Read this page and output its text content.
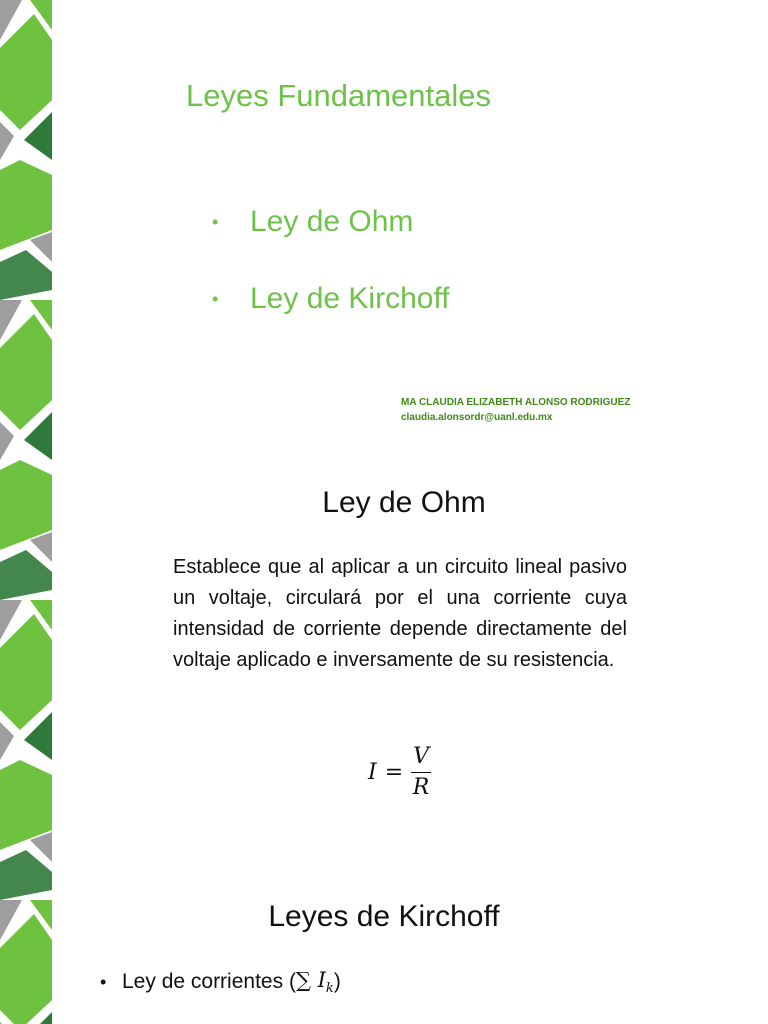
Leyes Fundamentales
•	Ley de Ohm
•	Ley de Kirchoff
MA CLAUDIA ELIZABETH ALONSO RODRIGUEZ
claudia.alonsordr@uanl.edu.mx
Ley de Ohm

Establece que al aplicar a un circuito lineal pasivo un voltaje, circulará por el una corriente cuya intensidad de corriente depende directamente del voltaje aplicado e inversamente de su resistencia.

$I = \frac{V}{R}$
Leyes de Kirchoff
• Ley de corrientes
( ∑ $I_k$ )
